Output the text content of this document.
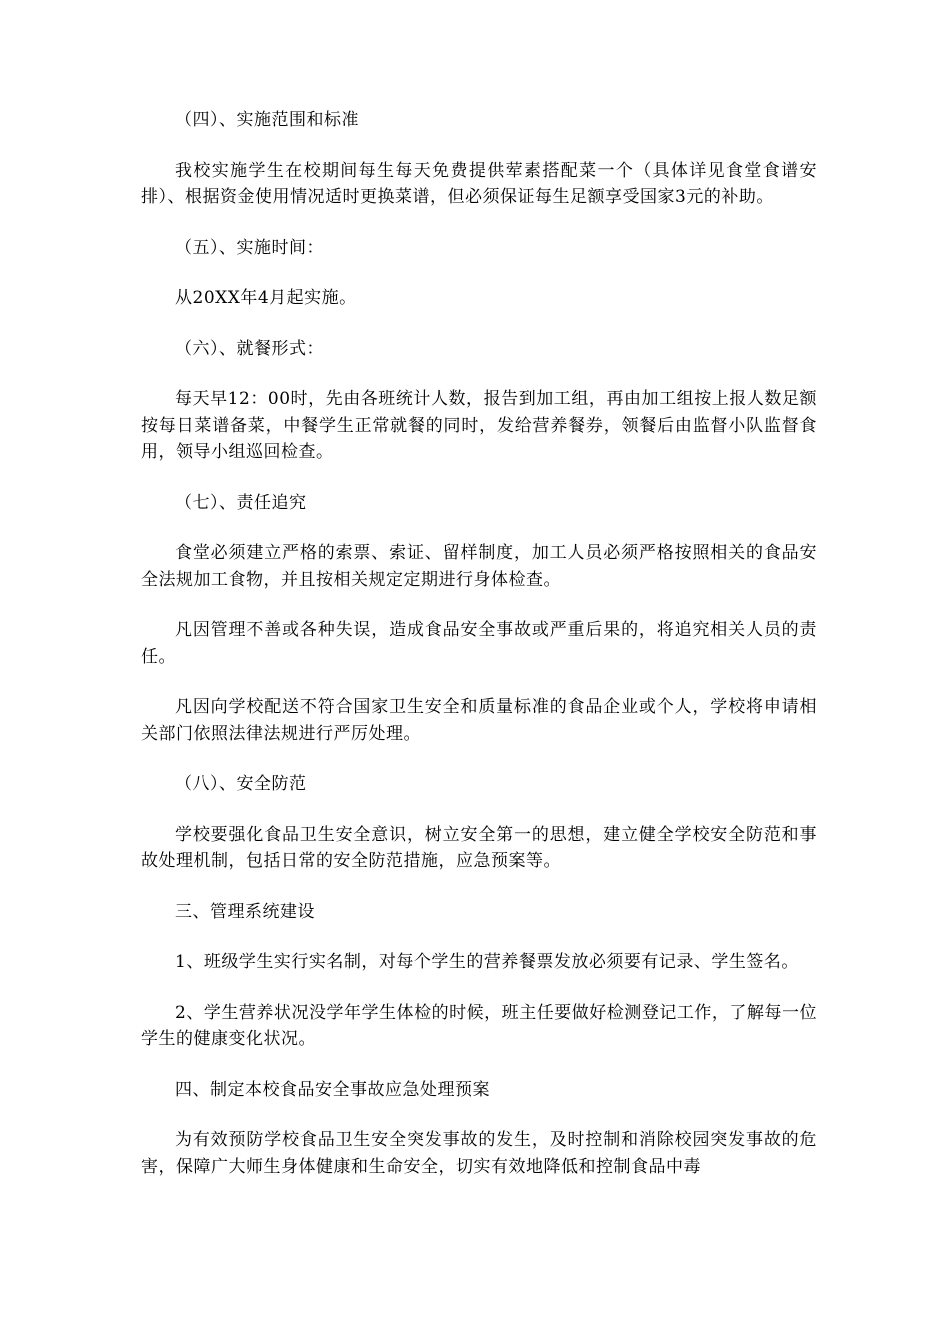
（四）、实施范围和标准

我校实施学生在校期间每生每天免费提供荤素搭配菜一个（具体详见食堂食谱安排）、根据资金使用情况适时更换菜谱，但必须保证每生足额享受国家3元的补助。

（五）、实施时间：

从20XX年4月起实施。

（六）、就餐形式：

每天早12：00时，先由各班统计人数，报告到加工组，再由加工组按上报人数足额按每日菜谱备菜，中餐学生正常就餐的同时，发给营养餐券，领餐后由监督小队监督食用，领导小组巡回检查。

（七）、责任追究

食堂必须建立严格的索票、索证、留样制度，加工人员必须严格按照相关的食品安全法规加工食物，并且按相关规定定期进行身体检查。

凡因管理不善或各种失误，造成食品安全事故或严重后果的，将追究相关人员的责任。

凡因向学校配送不符合国家卫生安全和质量标准的食品企业或个人，学校将申请相关部门依照法律法规进行严厉处理。

（八）、安全防范

学校要强化食品卫生安全意识，树立安全第一的思想，建立健全学校安全防范和事故处理机制，包括日常的安全防范措施，应急预案等。

三、管理系统建设

1、班级学生实行实名制，对每个学生的营养餐票发放必须要有记录、学生签名。

2、学生营养状况没学年学生体检的时候，班主任要做好检测登记工作，了解每一位学生的健康变化状况。

四、制定本校食品安全事故应急处理预案

为有效预防学校食品卫生安全突发事故的发生，及时控制和消除校园突发事故的危害，保障广大师生身体健康和生命安全，切实有效地降低和控制食品中毒
